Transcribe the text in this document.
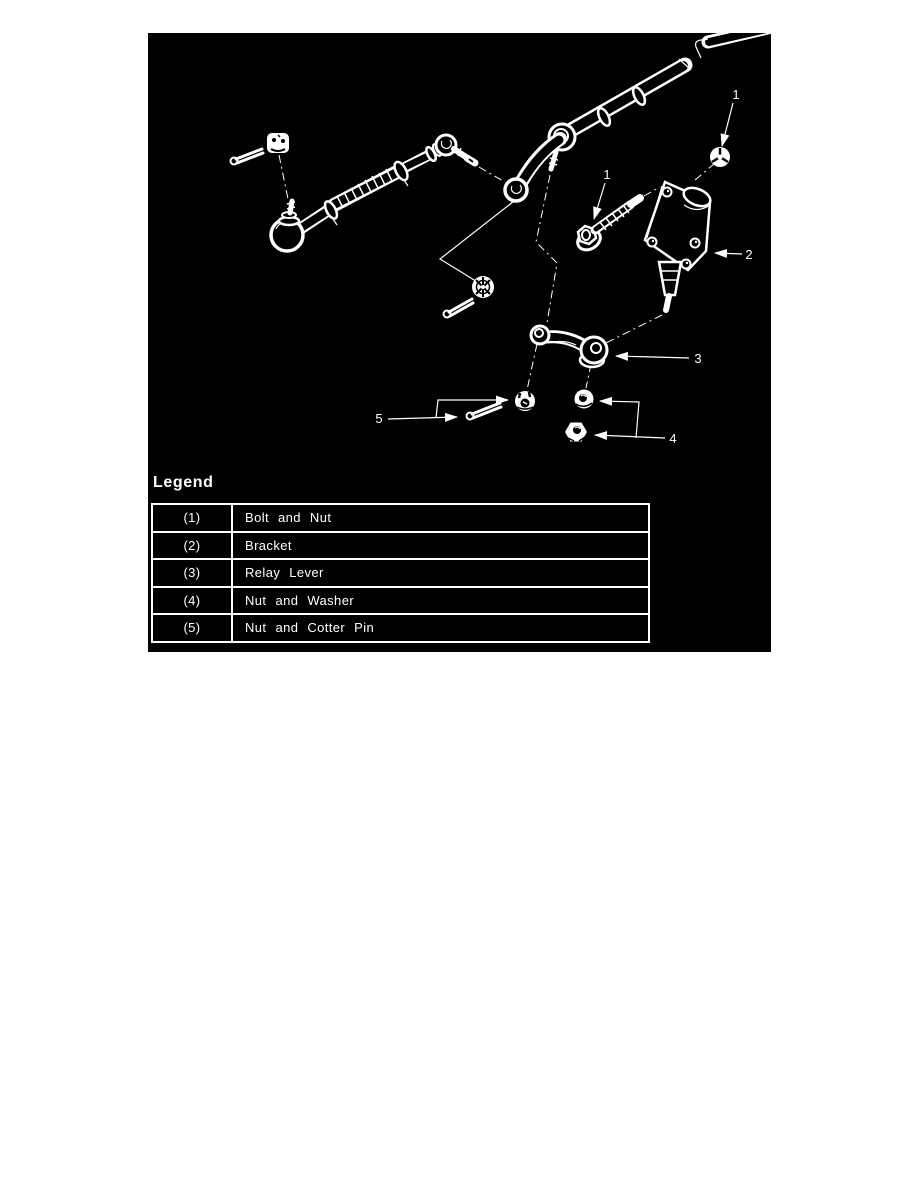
1
1
2
3
4
5
Legend
(1)	Bolt and Nut
(2)	Bracket
(3)	Relay Lever
(4)	Nut and Washer
(5)	Nut and Cotter Pin
